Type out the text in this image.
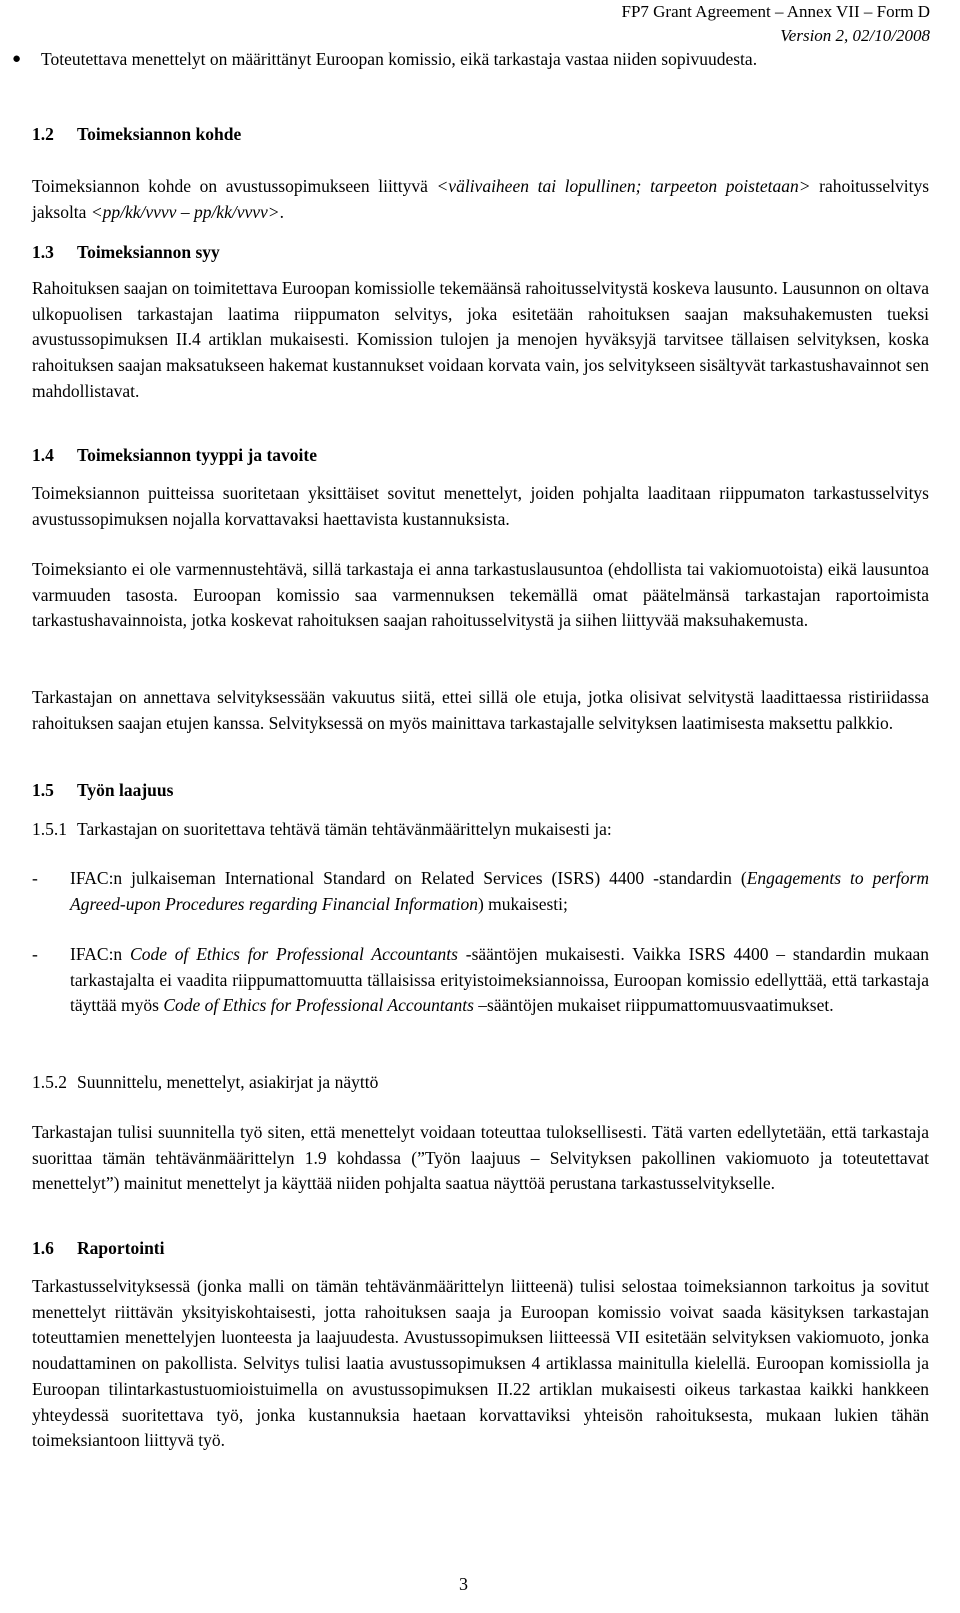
FP7 Grant Agreement – Annex VII – Form D
Version 2, 02/10/2008
● Toteutettava menettelyt on määrittänyt Euroopan komissio, eikä tarkastaja vastaa niiden sopivuudesta.

1.2 Toimeksiannon kohde

Toimeksiannon kohde on avustussopimukseen liittyvä <välivaiheen tai lopullinen; tarpeeton poistetaan> rahoitusselvitys jaksolta <pp/kk/vvvv – pp/kk/vvvv>.

1.3 Toimeksiannon syy

Rahoituksen saajan on toimitettava Euroopan komissiolle tekemäänsä rahoitusselvitystä koskeva lausunto. Lausunnon on oltava ulkopuolisen tarkastajan laatima riippumaton selvitys, joka esitetään rahoituksen saajan maksuhakemusten tueksi avustussopimuksen II.4 artiklan mukaisesti. Komission tulojen ja menojen hyväksyjä tarvitsee tällaisen selvityksen, koska rahoituksen saajan maksatukseen hakemat kustannukset voidaan korvata vain, jos selvitykseen sisältyvät tarkastushavainnot sen mahdollistavat.

1.4 Toimeksiannon tyyppi ja tavoite

Toimeksiannon puitteissa suoritetaan yksittäiset sovitut menettelyt, joiden pohjalta laaditaan riippumaton tarkastusselvitys avustussopimuksen nojalla korvattavaksi haettavista kustannuksista.

Toimeksianto ei ole varmennustehtävä, sillä tarkastaja ei anna tarkastuslausuntoa (ehdollista tai vakiomuotoista) eikä lausuntoa varmuuden tasosta. Euroopan komissio saa varmennuksen tekemällä omat päätelmänsä tarkastajan raportoimista tarkastushavainnoista, jotka koskevat rahoituksen saajan rahoitusselvitystä ja siihen liittyvää maksuhakemusta.

Tarkastajan on annettava selvityksessään vakuutus siitä, ettei sillä ole etuja, jotka olisivat selvitystä laadittaessa ristiriidassa rahoituksen saajan etujen kanssa. Selvityksessä on myös mainittava tarkastajalle selvityksen laatimisesta maksettu palkkio.

1.5 Työn laajuus
1.5.1 Tarkastajan on suoritettava tehtävä tämän tehtävänmäärittelyn mukaisesti ja:
- IFAC:n julkaiseman International Standard on Related Services (ISRS) 4400 -standardin (Engagements to perform Agreed-upon Procedures regarding Financial Information) mukaisesti;

- IFAC:n Code of Ethics for Professional Accountants -sääntöjen mukaisesti. Vaikka ISRS 4400 – standardin mukaan tarkastajalta ei vaadita riippumattomuutta tällaisissa erityistoimeksiannoissa, Euroopan komissio edellyttää, että tarkastaja täyttää myös Code of Ethics for Professional Accountants –sääntöjen mukaiset riippumattomuusvaatimukset.

1.5.2 Suunnittelu, menettelyt, asiakirjat ja näyttö

Tarkastajan tulisi suunnitella työ siten, että menettelyt voidaan toteuttaa tuloksellisesti. Tätä varten edellytetään, että tarkastaja suorittaa tämän tehtävänmäärittelyn 1.9 kohdassa (”Työn laajuus – Selvityksen pakollinen vakiomuoto ja toteutettavat menettelyt”) mainitut menettelyt ja käyttää niiden pohjalta saatua näyttöä perustana tarkastusselvitykselle.

1.6 Raportointi

Tarkastusselvityksessä (jonka malli on tämän tehtävänmäärittelyn liitteenä) tulisi selostaa toimeksiannon tarkoitus ja sovitut menettelyt riittävän yksityiskohtaisesti, jotta rahoituksen saaja ja Euroopan komissio voivat saada käsityksen tarkastajan toteuttamien menettelyjen luonteesta ja laajuudesta. Avustussopimuksen liitteessä VII esitetään selvityksen vakiomuoto, jonka noudattaminen on pakollista. Selvitys tulisi laatia avustussopimuksen 4 artiklassa mainitulla kielellä. Euroopan komissiolla ja Euroopan tilintarkastustuomioistuimella on avustussopimuksen II.22 artiklan mukaisesti oikeus tarkastaa kaikki hankkeen yhteydessä suoritettava työ, jonka kustannuksia haetaan korvattaviksi yhteisön rahoituksesta, mukaan lukien tähän toimeksiantoon liittyvä työ.

3
